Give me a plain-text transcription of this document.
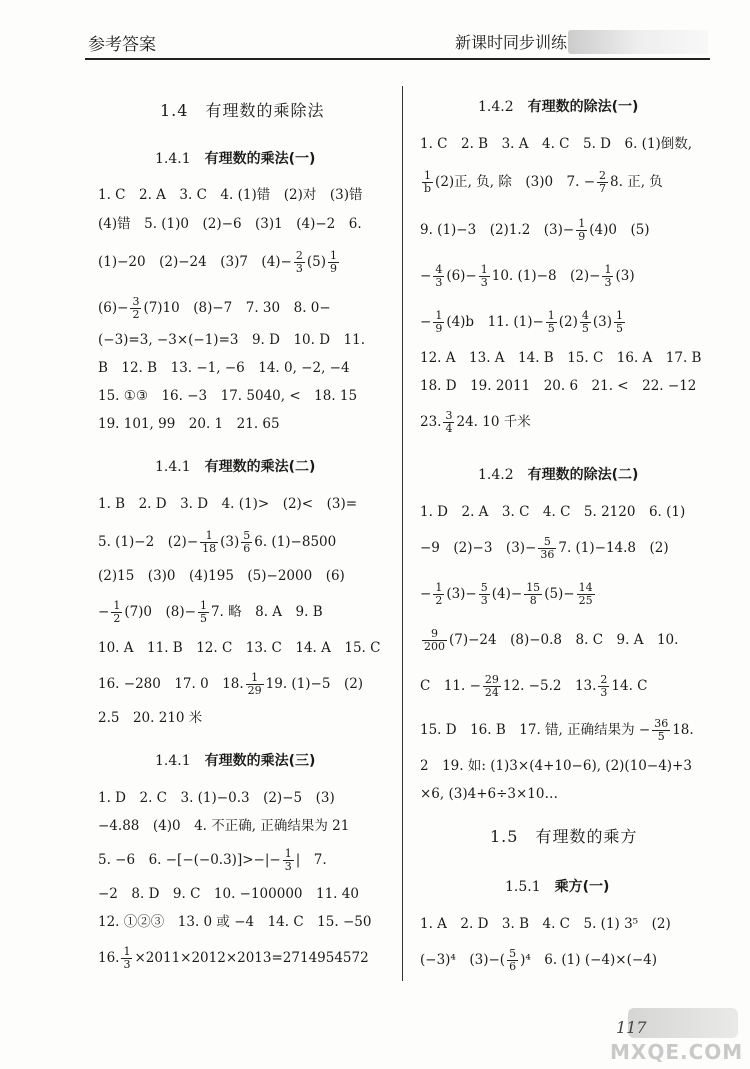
参考答案	新课时同步训练
1.4　有理数的乘除法
1.4.1　 有理数的乘法(一)
1. C　2. A　3. C　4. (1)错　(2)对　(3)错
(4)错　5. (1)0　(2)−6　(3)1　(4)−2　6.
(1)−20　(2)−24　(3)7　$(4)- \frac{2}{3} (5) \frac{1}{9}$
$(6)- \frac{3}{2} (7)10$　(8)−7　7. 30　8. 0−
(−3)=3, −3×(−1)=3　9. D　10. D　11.
B　12. B　13. −1, −6　14. 0, −2, −4
15. ①③　16. −3　17. 5040, <　18. 15
19. 101, 99　20. 1　21. 65
1.4.1　 有理数的乘法(二)
1. B　2. D　3. D　4. (1)>　(2)<　(3)=
5. (1)−2　$(2)- \frac{1}{18} (3) \frac{5}{6} 6$. (1)−8500
(2)15　(3)0　(4)195　(5)−2000　(6)
− $\frac{1}{2} (7)0$　$(8)- \frac{1}{5} 7$. 略　8. A　9. B
10. A　11. B　12. C　13. C　14. A　15. C
16. −280　17. 0　18. $\frac{1}{29} 19$. (1)−5　(2)
2.5　20. 210 米
1.4.1　 有理数的乘法(三)
1. D　2. C　3. (1)−0.3　(2)−5　(3)
−4.88　(4)0　4. 不正确, 正确结果为 21
5. −6　6. $-[-(-0.3)]>-|- \frac{1}{3}$ |　7.
−2　8. D　9. C　10. −100000　11. 40
12. ①②③　13. 0 或 −4　14. C　15. −50
16. $\frac{1}{3} \times 2011\times 2012\times 2013=2714954572$
1.4.2　 有理数的除法(一)
1. C　2. B　3. A　4. C　5. D　6. (1)倒数,
$\frac{1}{b} (2)$正, 负, 除　(3)0　7. − $\frac{2}{7} 8$. 正, 负
9. (1)−3　(2)1.2　$(3)- \frac{1}{9} (4)0$　(5)
− $\frac{4}{3} (6)- \frac{1}{3} 10$. (1)−8　$(2)- \frac{1}{3} (3)$
− $\frac{1}{9} (4)b$　11. $(1)- \frac{1}{5} (2) \frac{4}{5} (3) \frac{1}{5}$
12. A　13. A　14. B　15. C　16. A　17. B
18. D　19. 2011　20. 6　21. <　22. −12
23. $\frac{3}{4} 24$. 10 千米
1.4.2　 有理数的除法(二)
1. D　2. A　3. C　4. C　5. 2120　6. (1)
−9　(2)−3　$(3)- \frac{5}{36} 7$. (1)−14.8　(2)
− $\frac{1}{2} (3)- \frac{5}{3} (4)- \frac{15}{8} (5)- \frac{14}{25}$
$\frac{9}{200} (7)-24$　(8)−0.8　8. C　9. A　10.
C　11. − $\frac{29}{24} 12$. −5.2　13. $\frac{2}{3} 14$. C
15. D　16. B　17. 错, 正确结果为 − $\frac{36}{5} 18$.
2　19. 如: (1)3×(4+10−6), (2)(10−4)+3
×6, (3)4+6÷3×10…
1.5　有理数的乘方
1.5.1　 乘方(一)
1. A　2. D　3. B　4. C　5. (1) 3⁵　(2)
(−3)⁴　$(3)-( \frac{5}{6} )^4$　6. (1) (−4)×(−4)
117
MXQE.COM
